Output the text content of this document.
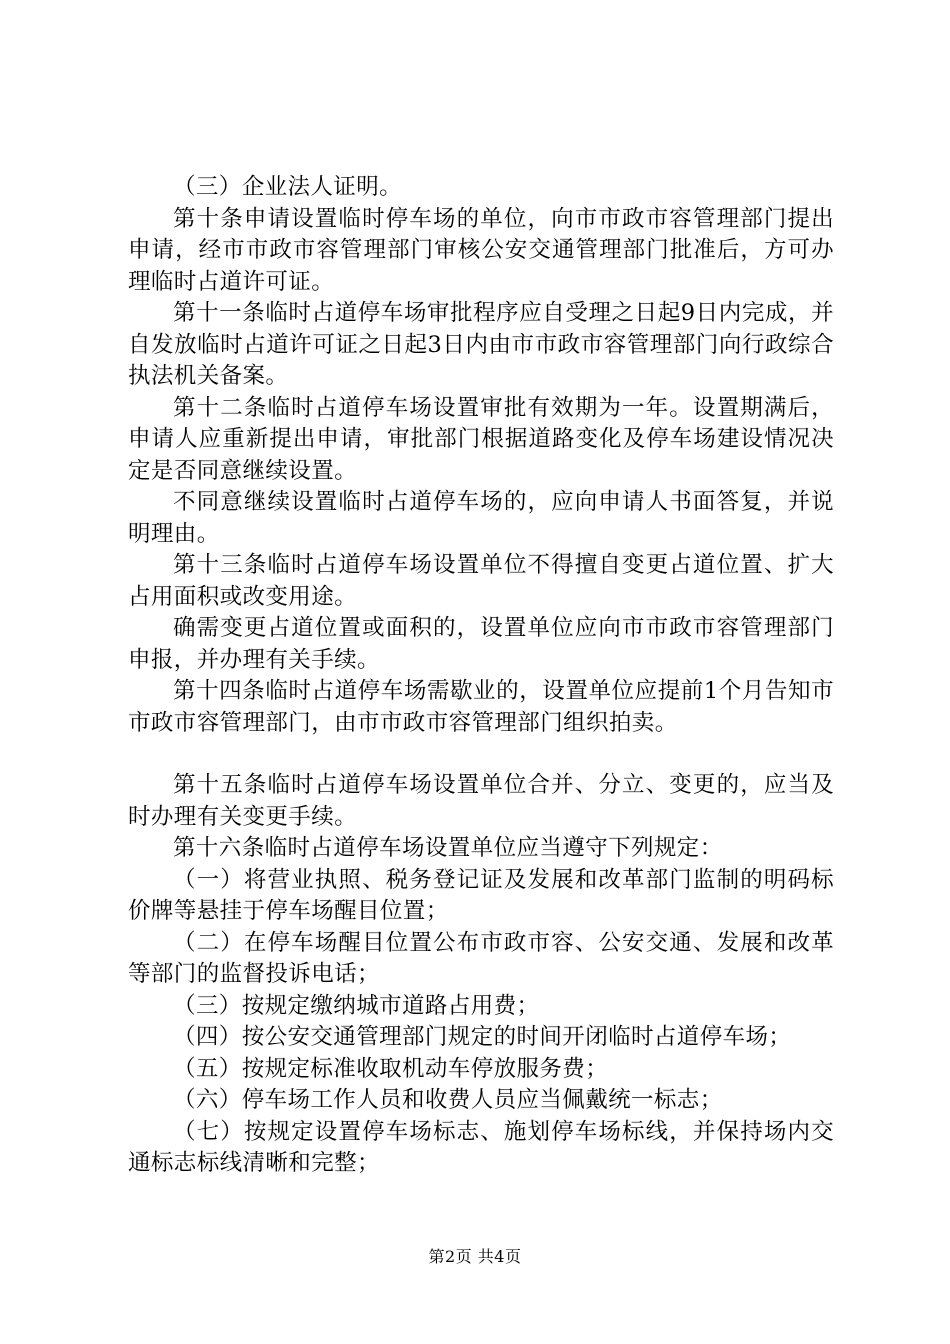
（三）企业法人证明。

第十条申请设置临时停车场的单位，向市市政市容管理部门提出申请，经市市政市容管理部门审核公安交通管理部门批准后，方可办理临时占道许可证。

第十一条临时占道停车场审批程序应自受理之日起9日内完成，并自发放临时占道许可证之日起3日内由市市政市容管理部门向行政综合执法机关备案。

第十二条临时占道停车场设置审批有效期为一年。设置期满后，申请人应重新提出申请，审批部门根据道路变化及停车场建设情况决定是否同意继续设置。

不同意继续设置临时占道停车场的，应向申请人书面答复，并说明理由。

第十三条临时占道停车场设置单位不得擅自变更占道位置、扩大占用面积或改变用途。

确需变更占道位置或面积的，设置单位应向市市政市容管理部门申报，并办理有关手续。

第十四条临时占道停车场需歇业的，设置单位应提前1个月告知市市政市容管理部门，由市市政市容管理部门组织拍卖。

第十五条临时占道停车场设置单位合并、分立、变更的，应当及时办理有关变更手续。

第十六条临时占道停车场设置单位应当遵守下列规定：

（一）将营业执照、税务登记证及发展和改革部门监制的明码标价牌等悬挂于停车场醒目位置；

（二）在停车场醒目位置公布市政市容、公安交通、发展和改革等部门的监督投诉电话；

（三）按规定缴纳城市道路占用费；

（四）按公安交通管理部门规定的时间开闭临时占道停车场；

（五）按规定标准收取机动车停放服务费；

（六）停车场工作人员和收费人员应当佩戴统一标志；

（七）按规定设置停车场标志、施划停车场标线，并保持场内交通标志标线清晰和完整；

第2页 共4页
